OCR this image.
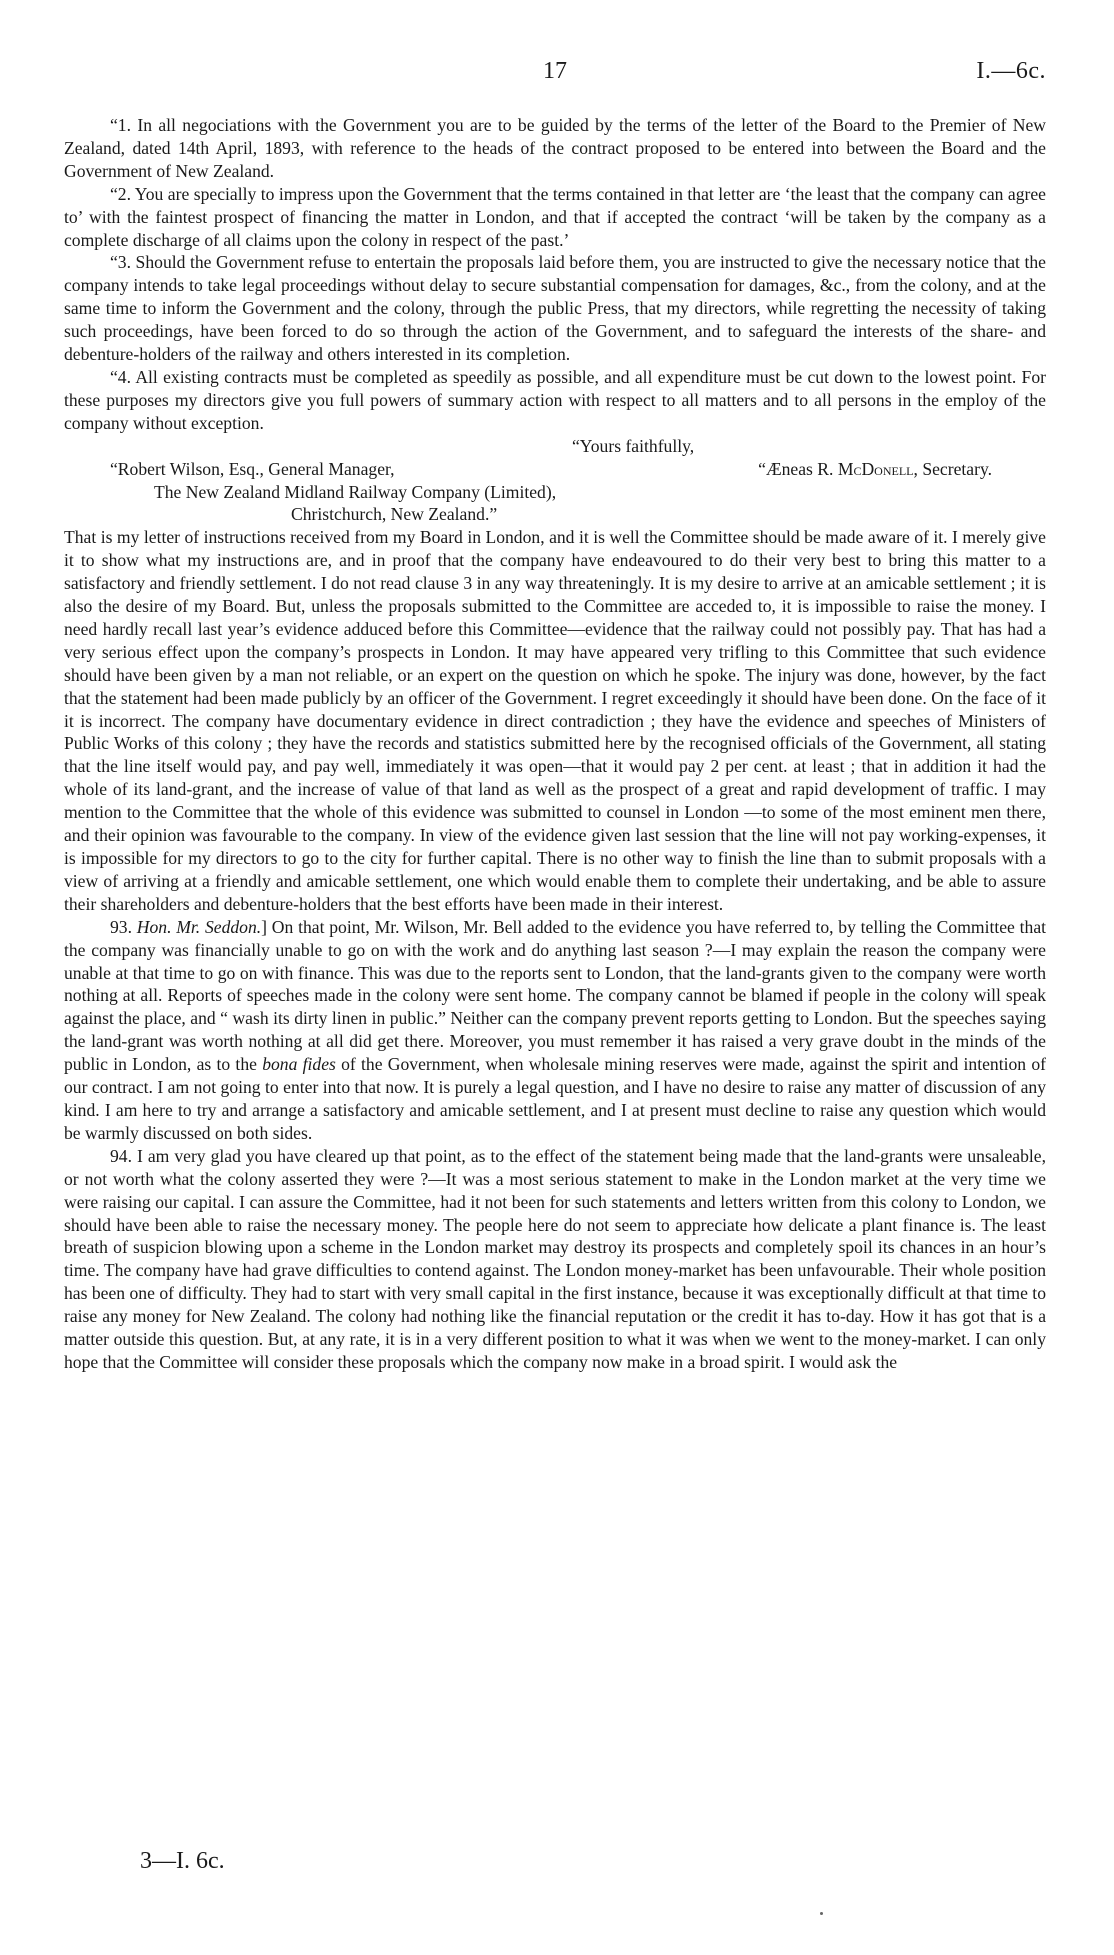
17	I.—6c.

“1. In all negociations with the Government you are to be guided by the terms of the letter of the Board to the Premier of New Zealand, dated 14th April, 1893, with reference to the heads of the contract proposed to be entered into between the Board and the Government of New Zealand.

“2. You are specially to impress upon the Government that the terms contained in that letter are ‘the least that the company can agree to’ with the faintest prospect of financing the matter in London, and that if accepted the contract ‘will be taken by the company as a complete discharge of all claims upon the colony in respect of the past.’

“3. Should the Government refuse to entertain the proposals laid before them, you are instructed to give the necessary notice that the company intends to take legal proceedings without delay to secure substantial compensation for damages, &c., from the colony, and at the same time to inform the Government and the colony, through the public Press, that my directors, while regretting the necessity of taking such proceedings, have been forced to do so through the action of the Government, and to safeguard the interests of the share- and debenture-holders of the railway and others interested in its completion.

“4. All existing contracts must be completed as speedily as possible, and all expenditure must be cut down to the lowest point. For these purposes my directors give you full powers of summary action with respect to all matters and to all persons in the employ of the company without exception.

“Yours faithfully,

“Robert Wilson, Esq., General Manager,	“Æneas R. McDonell, Secretary.

The New Zealand Midland Railway Company (Limited),

Christchurch, New Zealand.”

That is my letter of instructions received from my Board in London, and it is well the Committee should be made aware of it. I merely give it to show what my instructions are, and in proof that the company have endeavoured to do their very best to bring this matter to a satisfactory and friendly settlement. I do not read clause 3 in any way threateningly. It is my desire to arrive at an amicable settlement ; it is also the desire of my Board. But, unless the proposals submitted to the Committee are acceded to, it is impossible to raise the money. I need hardly recall last year’s evidence adduced before this Committee—evidence that the railway could not possibly pay. That has had a very serious effect upon the company’s prospects in London. It may have appeared very trifling to this Committee that such evidence should have been given by a man not reliable, or an expert on the question on which he spoke. The injury was done, however, by the fact that the statement had been made publicly by an officer of the Government. I regret exceedingly it should have been done. On the face of it it is incorrect. The company have documentary evidence in direct contradiction ; they have the evidence and speeches of Ministers of Public Works of this colony ; they have the records and statistics submitted here by the recognised officials of the Government, all stating that the line itself would pay, and pay well, immediately it was open—that it would pay 2 per cent. at least ; that in addition it had the whole of its land-grant, and the increase of value of that land as well as the prospect of a great and rapid development of traffic. I may mention to the Committee that the whole of this evidence was submitted to counsel in London —to some of the most eminent men there, and their opinion was favourable to the company. In view of the evidence given last session that the line will not pay working-expenses, it is impossible for my directors to go to the city for further capital. There is no other way to finish the line than to submit proposals with a view of arriving at a friendly and amicable settlement, one which would enable them to complete their undertaking, and be able to assure their shareholders and debenture-holders that the best efforts have been made in their interest.

93. Hon. Mr. Seddon.] On that point, Mr. Wilson, Mr. Bell added to the evidence you have referred to, by telling the Committee that the company was financially unable to go on with the work and do anything last season ?—I may explain the reason the company were unable at that time to go on with finance. This was due to the reports sent to London, that the land-grants given to the company were worth nothing at all. Reports of speeches made in the colony were sent home. The company cannot be blamed if people in the colony will speak against the place, and “ wash its dirty linen in public.” Neither can the company prevent reports getting to London. But the speeches saying the land-grant was worth nothing at all did get there. Moreover, you must remember it has raised a very grave doubt in the minds of the public in London, as to the bona fides of the Government, when wholesale mining reserves were made, against the spirit and intention of our contract. I am not going to enter into that now. It is purely a legal question, and I have no desire to raise any matter of discussion of any kind. I am here to try and arrange a satisfactory and amicable settlement, and I at present must decline to raise any question which would be warmly discussed on both sides.

94. I am very glad you have cleared up that point, as to the effect of the statement being made that the land-grants were unsaleable, or not worth what the colony asserted they were ?—It was a most serious statement to make in the London market at the very time we were raising our capital. I can assure the Committee, had it not been for such statements and letters written from this colony to London, we should have been able to raise the necessary money. The people here do not seem to appreciate how delicate a plant finance is. The least breath of suspicion blowing upon a scheme in the London market may destroy its prospects and completely spoil its chances in an hour’s time. The company have had grave difficulties to contend against. The London money-market has been unfavourable. Their whole position has been one of difficulty. They had to start with very small capital in the first instance, because it was exceptionally difficult at that time to raise any money for New Zealand. The colony had nothing like the financial reputation or the credit it has to-day. How it has got that is a matter outside this question. But, at any rate, it is in a very different position to what it was when we went to the money-market. I can only hope that the Committee will consider these proposals which the company now make in a broad spirit. I would ask the

3—I. 6c.
